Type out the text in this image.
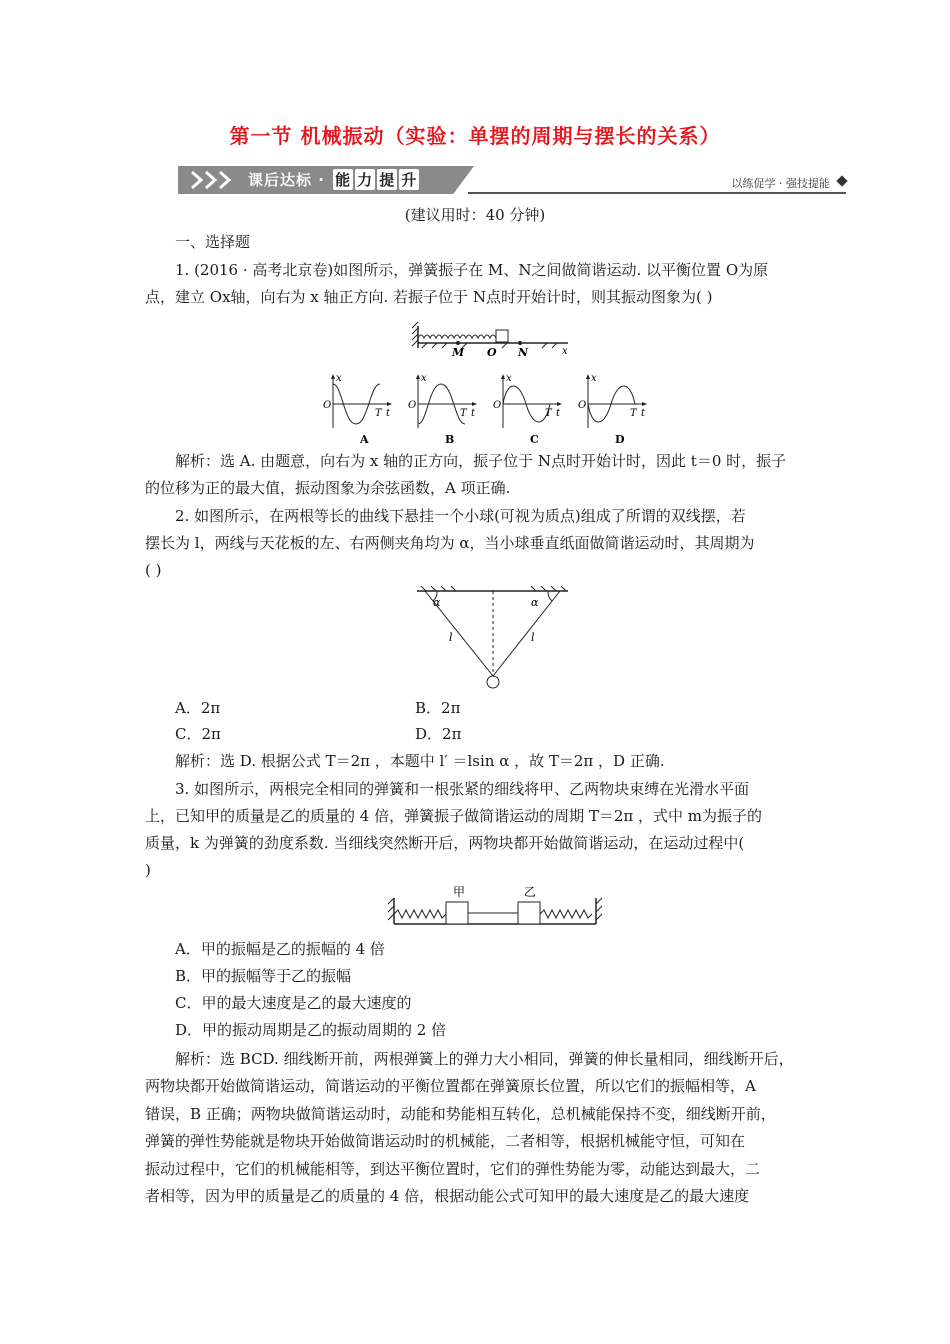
第一节 机械振动（实验：单摆的周期与摆长的关系）
课后达标 · 能 力 提 升	以练促学 · 强技提能

(建议用时：40 分钟)

一、选择题

1. (2016 · 高考北京卷)如图所示，弹簧振子在 M、N之间做简谐运动. 以平衡位置 O为原

点，建立 Ox轴，向右为 x 轴正方向. 若振子位于 N点时开始计时，则其振动图象为( )

M O N	x
x
O
T t
A
x
O
T t
B
x
O
T t
C
x
O
T t
D

解析：选 A. 由题意，向右为 x 轴的正方向，振子位于 N点时开始计时，因此 t＝0 时，振子

的位移为正的最大值，振动图象为余弦函数，A 项正确.

2. 如图所示，在两根等长的曲线下悬挂一个小球(可视为质点)组成了所谓的双线摆，若

摆长为 l，两线与天花板的左、右两侧夹角均为 α，当小球垂直纸面做简谐运动时，其周期为

( )

α	α
l	l
A．2π	B．2π
C．2π	D．2π

解析：选 D. 根据公式 T＝2π ，本题中 l′ ＝lsin α ，故 T＝2π ，D 正确.

3. 如图所示，两根完全相同的弹簧和一根张紧的细线将甲、乙两物块束缚在光滑水平面

上，已知甲的质量是乙的质量的 4 倍，弹簧振子做简谐运动的周期 T＝2π ，式中 m为振子的

质量，k 为弹簧的劲度系数. 当细线突然断开后，两物块都开始做简谐运动，在运动过程中(

)

甲	乙

A．甲的振幅是乙的振幅的 4 倍

B．甲的振幅等于乙的振幅

C．甲的最大速度是乙的最大速度的

D．甲的振动周期是乙的振动周期的 2 倍

解析：选 BCD. 细线断开前，两根弹簧上的弹力大小相同，弹簧的伸长量相同，细线断开后，

两物块都开始做简谐运动，简谐运动的平衡位置都在弹簧原长位置，所以它们的振幅相等，A

错误，B 正确；两物块做简谐运动时，动能和势能相互转化，总机械能保持不变，细线断开前，

弹簧的弹性势能就是物块开始做简谐运动时的机械能，二者相等，根据机械能守恒，可知在

振动过程中，它们的机械能相等，到达平衡位置时，它们的弹性势能为零，动能达到最大，二

者相等，因为甲的质量是乙的质量的 4 倍，根据动能公式可知甲的最大速度是乙的最大速度
